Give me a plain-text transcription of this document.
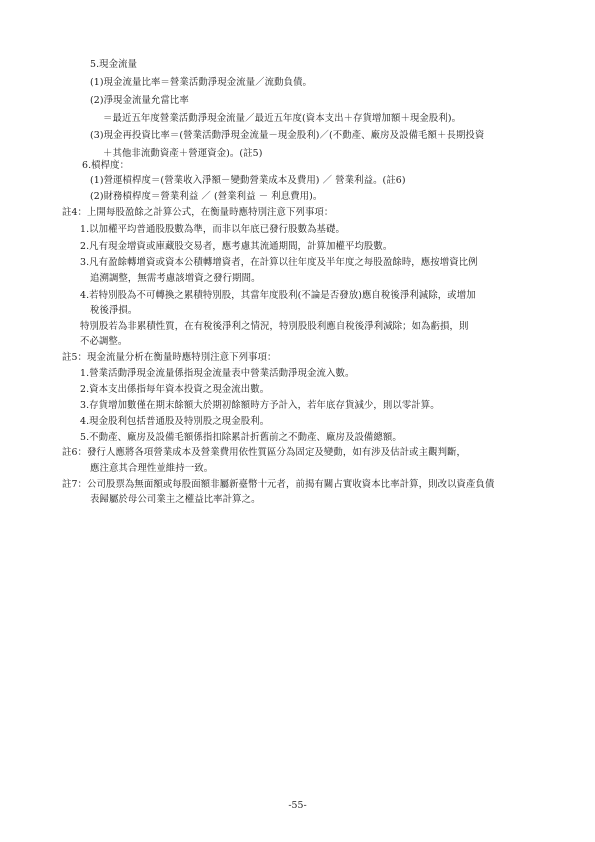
5.現金流量
(1)現金流量比率＝營業活動淨現金流量／流動負債。
(2)淨現金流量允當比率
＝最近五年度營業活動淨現金流量／最近五年度(資本支出＋存貨增加額＋現金股利)。
(3)現金再投資比率＝(營業活動淨現金流量－現金股利)／(不動產、廠房及設備毛額＋長期投資
＋其他非流動資產＋營運資金)。(註5)
6.槓桿度：
(1)營運槓桿度＝(營業收入淨額－變動營業成本及費用) ／ 營業利益。(註6)
(2)財務槓桿度＝營業利益 ／ (營業利益 － 利息費用)。
註4：上開每股盈餘之計算公式，在衡量時應特別注意下列事項：
1.以加權平均普通股股數為準，而非以年底已發行股數為基礎。
2.凡有現金增資或庫藏股交易者，應考慮其流通期間，計算加權平均股數。
3.凡有盈餘轉增資或資本公積轉增資者，在計算以往年度及半年度之每股盈餘時，應按增資比例
追溯調整，無需考慮該增資之發行期間。
4.若特別股為不可轉換之累積特別股，其當年度股利(不論是否發放)應自稅後淨利減除，或增加
稅後淨損。
特別股若為非累積性質，在有稅後淨利之情況，特別股股利應自稅後淨利減除；如為虧損，則
不必調整。
註5：現金流量分析在衡量時應特別注意下列事項：
1.營業活動淨現金流量係指現金流量表中營業活動淨現金流入數。
2.資本支出係指每年資本投資之現金流出數。
3.存貨增加數僅在期末餘額大於期初餘額時方予計入，若年底存貨減少，則以零計算。
4.現金股利包括普通股及特別股之現金股利。
5.不動產、廠房及設備毛額係指扣除累計折舊前之不動產、廠房及設備總額。
註6：發行人應將各項營業成本及營業費用依性質區分為固定及變動，如有涉及估計或主觀判斷，
應注意其合理性並維持一致。
註7：公司股票為無面額或每股面額非屬新臺幣十元者，前揭有關占實收資本比率計算，則改以資產負債
表歸屬於母公司業主之權益比率計算之。
-55-
